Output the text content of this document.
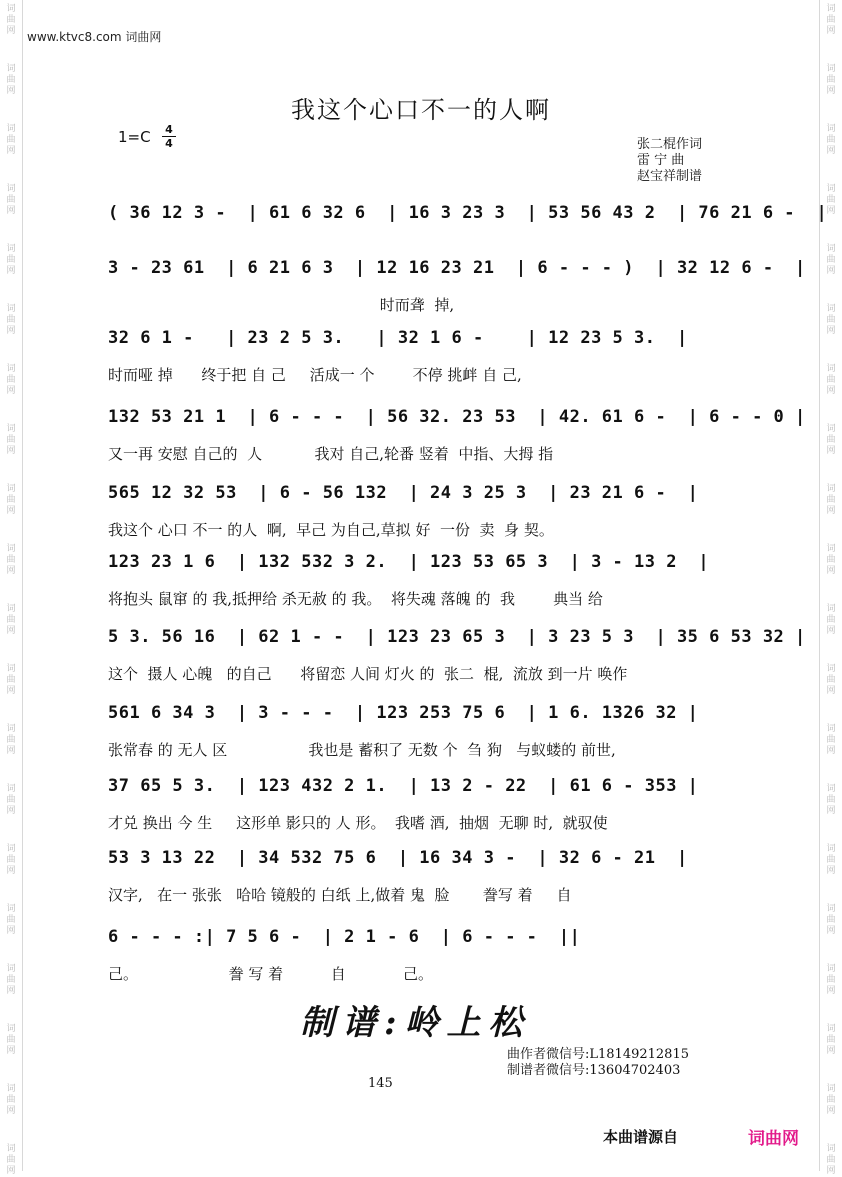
词
曲
网
词
曲
网
词
曲
网
词
曲
网
词
曲
网
词
曲
网
词
曲
网
词
曲
网
词
曲
网
词
曲
网
词
曲
网
词
曲
网
词
曲
网
词
曲
网
词
曲
网
词
曲
网
词
曲
网
词
曲
网
词
曲
网
词
曲
网
词
曲
网
词
曲
网
词
曲
网
词
曲
网
词
曲
网
词
曲
网
词
曲
网
词
曲
网
词
曲
网
词
曲
网
词
曲
网
词
曲
网
词
曲
网
词
曲
网
词
曲
网
词
曲
网
词
曲
网
词
曲
网
词
曲
网
词
曲
网
www.ktvc8.com 词曲网
我这个心口不一的人啊
1=C 4
4	张二棍作词
雷 宁 曲
赵宝祥制谱
( 36 12 3 -  | 61 6 32 6  | 16 3 23 3  | 53 56 43 2  | 76 21 6 -  |
3 - 23 61  | 6 21 6 3  | 12 16 23 21  | 6 - - - )  | 32 12 6 -  |
时而聋  掉,
32 6 1 -   | 23 2 5 3.   | 32 1 6 -    | 12 23 5 3.  |
时而哑 掉      终于把 自 己     活成一 个        不停 挑衅 自 己,
132 53 21 1  | 6 - - -  | 56 32. 23 53  | 42. 61 6 -  | 6 - - 0 |
又一再 安慰 自己的  人           我对 自己,轮番 竖着  中指、大拇 指
565 12 32 53  | 6 - 56 132  | 24 3 25 3  | 23 21 6 -  |
我这个 心口 不一 的人  啊,  早己 为自己,草拟 好  一份  卖  身 契。
123 23 1 6  | 132 532 3 2.  | 123 53 65 3  | 3 - 13 2  |
将抱头 鼠窜 的 我,抵押给 杀无赦 的 我。  将失魂 落魄 的  我        典当 给
5 3. 56 16  | 62 1 - -  | 123 23 65 3  | 3 23 5 3  | 35 6 53 32 |
这个  摄人 心魄   的自己      将留恋 人间 灯火 的  张二  棍,  流放 到一片 唤作
561 6 34 3  | 3 - - -  | 123 253 75 6  | 1 6. 1326 32 |
张常春 的 无人 区                 我也是 蓄积了 无数 个  刍 狗   与蚁蝼的 前世,
37 65 5 3.  | 123 432 2 1.  | 13 2 - 22  | 61 6 - 353 |
才兑 换出 今 生     这形单 影只的 人 形。  我嗜 酒,  抽烟  无聊 时,  就驭使
53 3 13 22  | 34 532 75 6  | 16 34 3 -  | 32 6 - 21  |
汉字,   在一 张张   哈哈 镜般的 白纸 上,做着 鬼  脸       誊写 着     自
6 - - - :| 7 5 6 -  | 2 1 - 6  | 6 - - -  ||
己。                   誊 写 着          自            己。
制谱:岭上松
曲作者微信号:L18149212815
制谱者微信号:13604702403
145
本曲谱源自	词曲网
